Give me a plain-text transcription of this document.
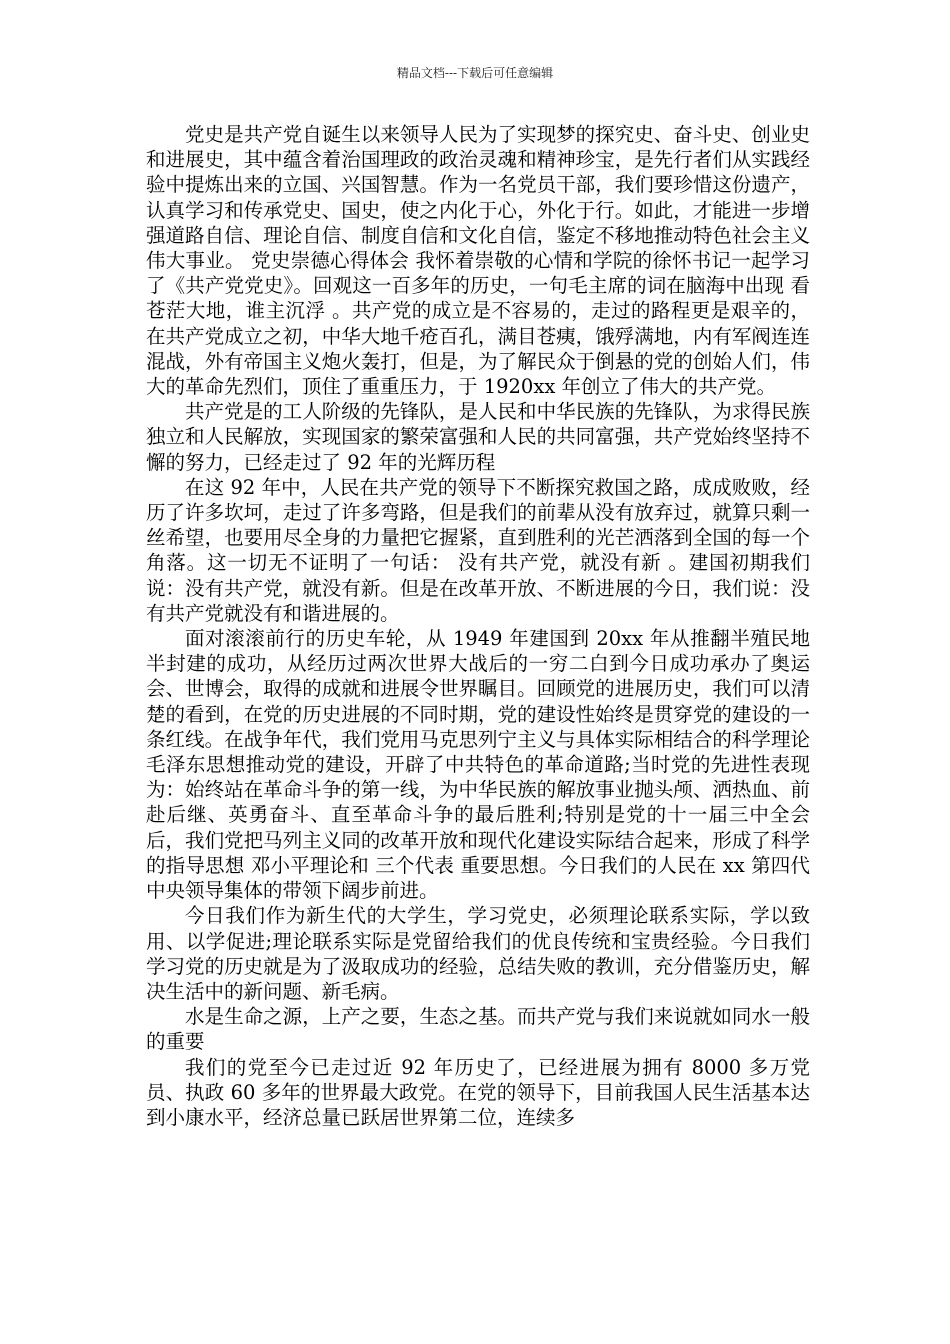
精品文档---下载后可任意编辑

党史是共产党自诞生以来领导人民为了实现梦的探究史、奋斗史、创业史和进展史，其中蕴含着治国理政的政治灵魂和精神珍宝，是先行者们从实践经验中提炼出来的立国、兴国智慧。作为一名党员干部，我们要珍惜这份遗产，认真学习和传承党史、国史，使之内化于心，外化于行。如此，才能进一步增强道路自信、理论自信、制度自信和文化自信，鉴定不移地推动特色社会主义伟大事业。 党史崇德心得体会 我怀着崇敬的心情和学院的徐怀书记一起学习了《共产党党史》。回观这一百多年的历史，一句毛主席的词在脑海中出现 看苍茫大地，谁主沉浮 。共产党的成立是不容易的，走过的路程更是艰辛的，在共产党成立之初，中华大地千疮百孔，满目苍痍，饿殍满地，内有军阀连连混战，外有帝国主义炮火轰打，但是，为了解民众于倒悬的党的创始人们，伟大的革命先烈们，顶住了重重压力，于 1920xx 年创立了伟大的共产党。

共产党是的工人阶级的先锋队，是人民和中华民族的先锋队，为求得民族独立和人民解放，实现国家的繁荣富强和人民的共同富强，共产党始终坚持不懈的努力，已经走过了 92 年的光辉历程

在这 92 年中，人民在共产党的领导下不断探究救国之路，成成败败，经历了许多坎坷，走过了许多弯路，但是我们的前辈从没有放弃过，就算只剩一丝希望，也要用尽全身的力量把它握紧，直到胜利的光芒洒落到全国的每一个角落。这一切无不证明了一句话： 没有共产党，就没有新 。建国初期我们说：没有共产党，就没有新。但是在改革开放、不断进展的今日，我们说：没有共产党就没有和谐进展的。

面对滚滚前行的历史车轮，从 1949 年建国到 20xx 年从推翻半殖民地半封建的成功，从经历过两次世界大战后的一穷二白到今日成功承办了奥运会、世博会，取得的成就和进展令世界瞩目。回顾党的进展历史，我们可以清楚的看到，在党的历史进展的不同时期，党的建设性始终是贯穿党的建设的一条红线。在战争年代，我们党用马克思列宁主义与具体实际相结合的科学理论 毛泽东思想推动党的建设，开辟了中共特色的革命道路;当时党的先进性表现为：始终站在革命斗争的第一线，为中华民族的解放事业抛头颅、洒热血、前赴后继、英勇奋斗、直至革命斗争的最后胜利;特别是党的十一届三中全会后，我们党把马列主义同的改革开放和现代化建设实际结合起来，形成了科学的指导思想 邓小平理论和 三个代表 重要思想。今日我们的人民在 xx 第四代中央领导集体的带领下阔步前进。

今日我们作为新生代的大学生，学习党史，必须理论联系实际，学以致用、以学促进;理论联系实际是党留给我们的优良传统和宝贵经验。今日我们学习党的历史就是为了汲取成功的经验，总结失败的教训，充分借鉴历史，解决生活中的新问题、新毛病。

水是生命之源，上产之要，生态之基。而共产党与我们来说就如同水一般的重要

我们的党至今已走过近 92 年历史了，已经进展为拥有 8000 多万党员、执政 60 多年的世界最大政党。在党的领导下，目前我国人民生活基本达到小康水平，经济总量已跃居世界第二位，连续多
